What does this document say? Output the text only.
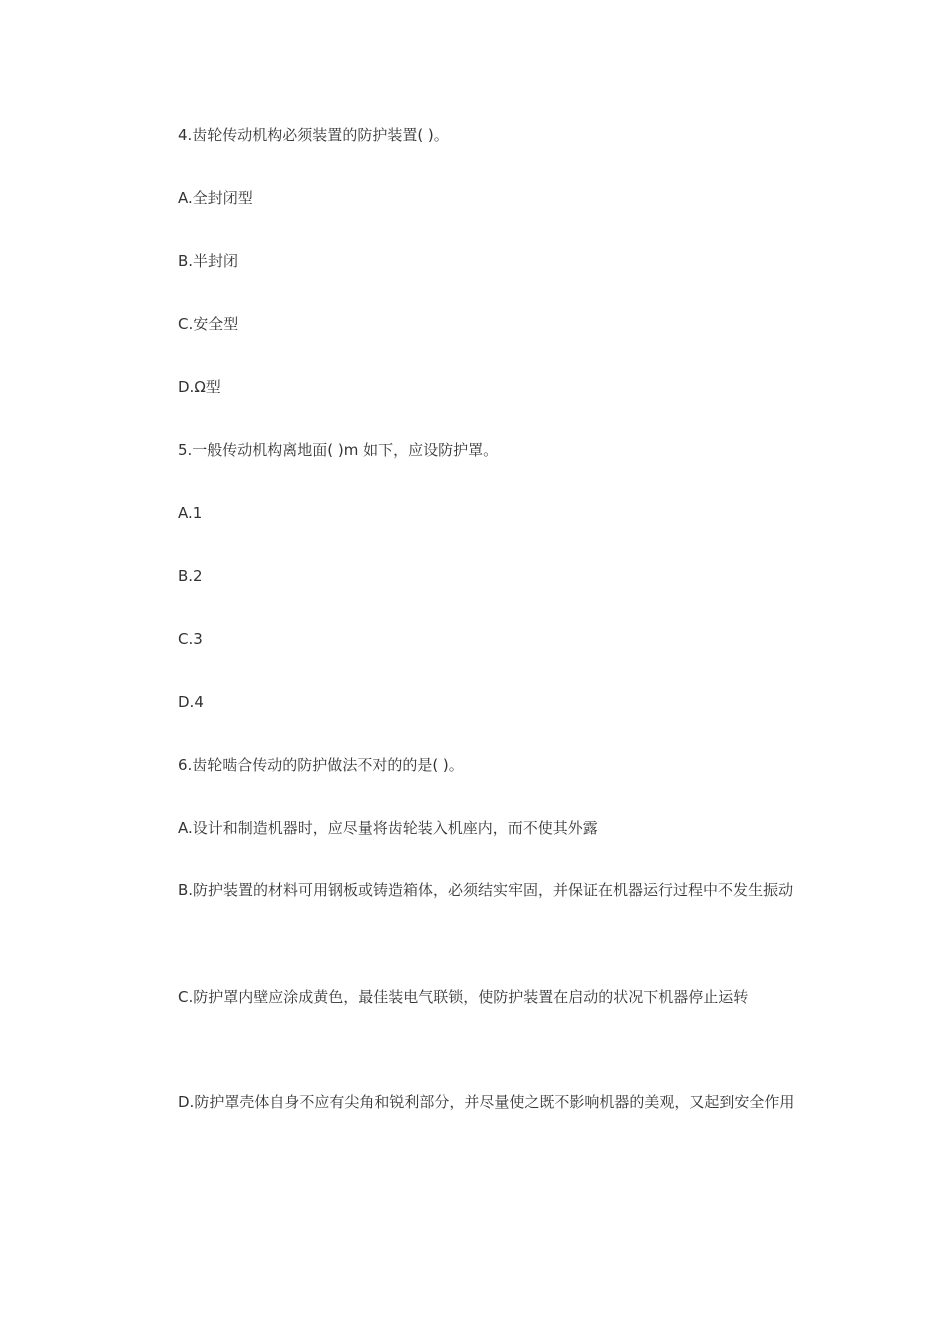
4.齿轮传动机构必须装置的防护装置( )。
A.全封闭型
B.半封闭
C.安全型
D.Ω型
5.一般传动机构离地面( )m 如下，应设防护罩。
A.1
B.2
C.3
D.4
6.齿轮啮合传动的防护做法不对的的是( )。
A.设计和制造机器时，应尽量将齿轮装入机座内，而不使其外露
B.防护装置的材料可用钢板或铸造箱体，必须结实牢固，并保证在机器运行过程中不发生振动
C.防护罩内壁应涂成黄色，最佳装电气联锁，使防护装置在启动的状况下机器停止运转
D.防护罩壳体自身不应有尖角和锐利部分，并尽量使之既不影响机器的美观，又起到安全作用
